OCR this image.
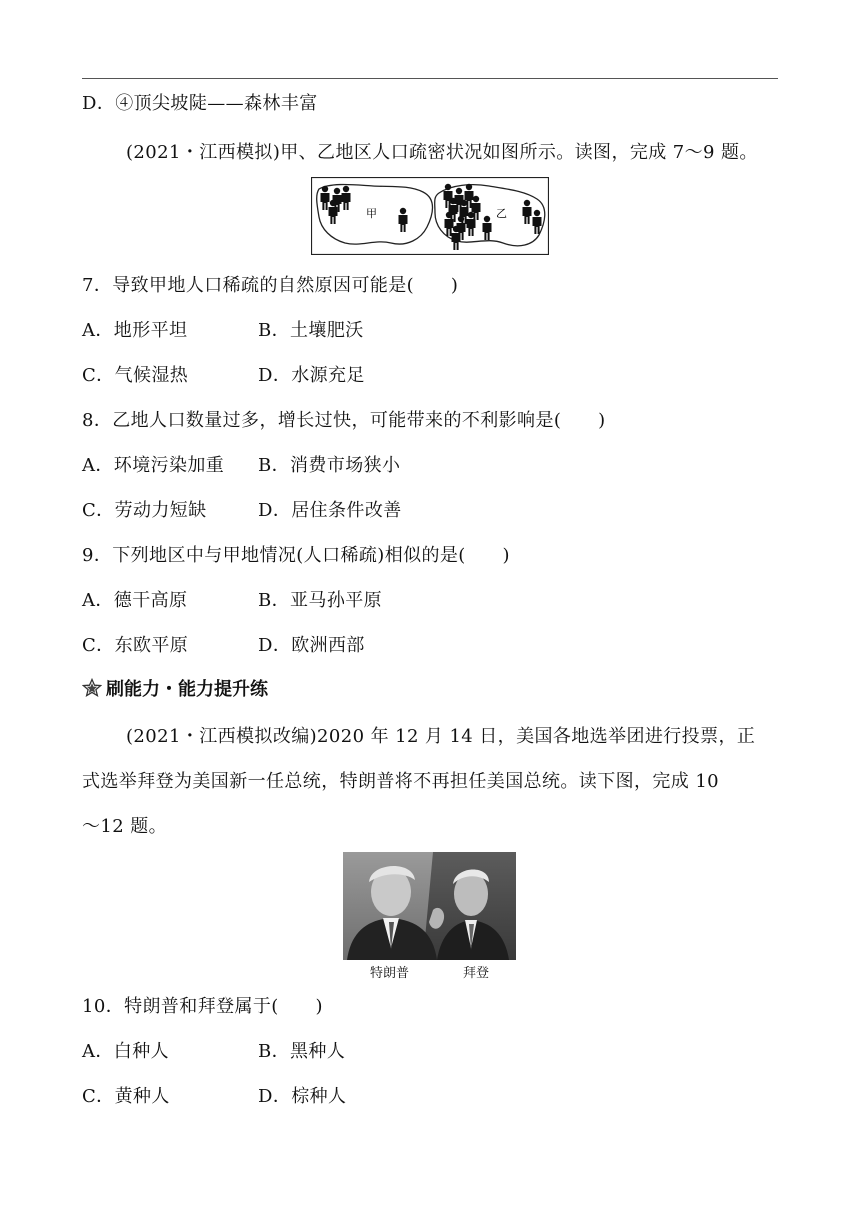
D．④顶尖坡陡——森林丰富
(2021・江西模拟)甲、乙地区人口疏密状况如图所示。读图，完成 7～9 题。
甲	乙
7．导致甲地人口稀疏的自然原因可能是(　　)
A．地形平坦	B．土壤肥沃
C．气候湿热	D．水源充足
8．乙地人口数量过多，增长过快，可能带来的不利影响是(　　)
A．环境污染加重 B．消费市场狭小
C．劳动力短缺	D．居住条件改善
9．下列地区中与甲地情况(人口稀疏)相似的是(　　)
A．德干高原	B．亚马孙平原
C．东欧平原	D．欧洲西部
刷能力・能力提升练
(2021・江西模拟改编)2020 年 12 月 14 日，美国各地选举团进行投票，正
式选举拜登为美国新一任总统，特朗普将不再担任美国总统。读下图，完成 10
～12 题。
特朗普	拜登
10．特朗普和拜登属于(　　)
A．白种人	B．黑种人
C．黄种人	D．棕种人
